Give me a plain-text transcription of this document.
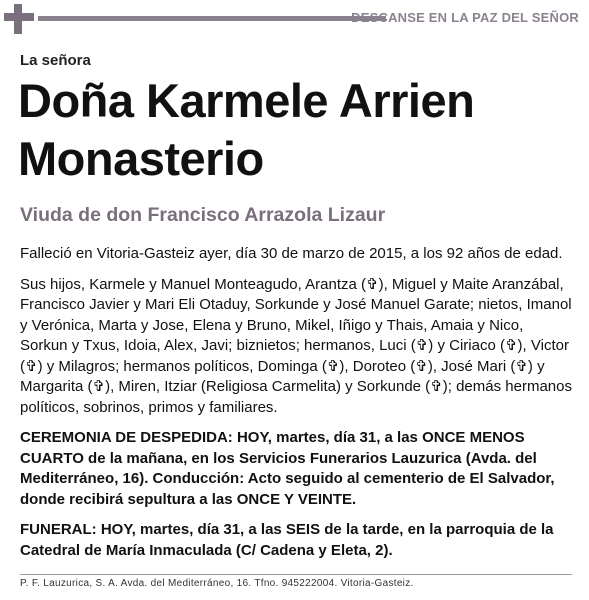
DESCANSE EN LA PAZ DEL SEÑOR
La señora
Doña Karmele Arrien
Monasterio
Viuda de don Francisco Arrazola Lizaur

Falleció en Vitoria-Gasteiz ayer, día 30 de marzo de 2015, a los 92 años de edad.

Sus hijos, Karmele y Manuel Monteagudo, Arantza (✞), Miguel y Maite Aranzábal, Francisco Javier y Mari Eli Otaduy, Sorkunde y José Manuel Garate; nietos, Imanol y Verónica, Marta y Jose, Elena y Bruno, Mikel, Iñigo y Thais, Amaia y Nico, Sorkun y Txus, Idoia, Alex, Javi; biznietos; hermanos, Luci (✞) y Ciriaco (✞), Victor (✞) y Milagros; hermanos políticos, Dominga (✞), Doroteo (✞), José Mari (✞) y Margarita (✞), Miren, Itziar (Religiosa Carmelita) y Sorkunde (✞); demás hermanos políticos, sobrinos, primos y familiares.

CEREMONIA DE DESPEDIDA: HOY, martes, día 31, a las ONCE MENOS CUARTO de la mañana, en los Servicios Funerarios Lauzurica (Avda. del Mediterráneo, 16). Conducción: Acto seguido al cementerio de El Salvador, donde recibirá sepultura a las ONCE Y VEINTE.

FUNERAL: HOY, martes, día 31, a las SEIS de la tarde, en la parroquia de la Catedral de María Inmaculada (C/ Cadena y Eleta, 2).

P. F. Lauzurica, S. A. Avda. del Mediterráneo, 16. Tfno. 945222004. Vitoria-Gasteiz.
